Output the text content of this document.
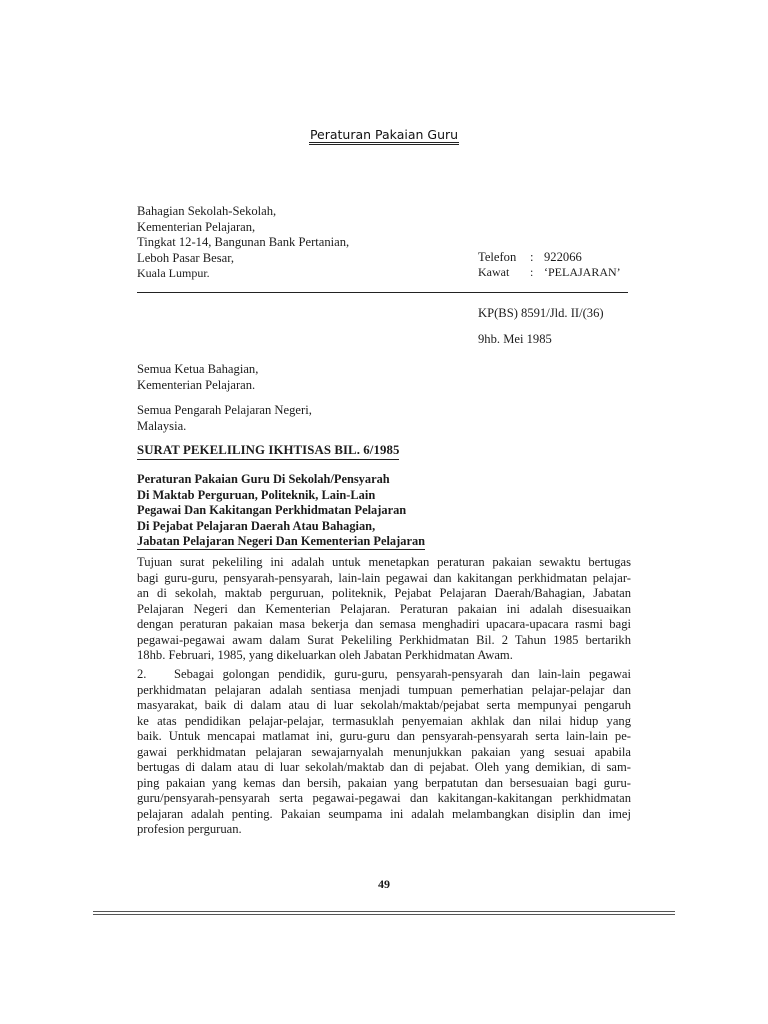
Peraturan Pakaian Guru
Bahagian Sekolah-Sekolah,
Kementerian Pelajaran,
Tingkat 12-14, Bangunan Bank Pertanian,
Leboh Pasar Besar,
Kuala Lumpur.
Telefon : 922066
Kawat : ‘PELAJARAN’
KP(BS) 8591/Jld. II/(36)
9hb. Mei 1985
Semua Ketua Bahagian,
Kementerian Pelajaran.
Semua Pengarah Pelajaran Negeri,
Malaysia.
SURAT PEKELILING IKHTISAS BIL. 6/1985
Peraturan Pakaian Guru Di Sekolah/Pensyarah
Di Maktab Perguruan, Politeknik, Lain-Lain
Pegawai Dan Kakitangan Perkhidmatan Pelajaran
Di Pejabat Pelajaran Daerah Atau Bahagian,
Jabatan Pelajaran Negeri Dan Kementerian Pelajaran
Tujuan surat pekeliling ini adalah untuk menetapkan peraturan pakaian sewaktu bertugas
bagi guru-guru, pensyarah-pensyarah, lain-lain pegawai dan kakitangan perkhidmatan pelajar-
an di sekolah, maktab perguruan, politeknik, Pejabat Pelajaran Daerah/Bahagian, Jabatan
Pelajaran Negeri dan Kementerian Pelajaran. Peraturan pakaian ini adalah disesuaikan
dengan peraturan pakaian masa bekerja dan semasa menghadiri upacara-upacara rasmi bagi
pegawai-pegawai awam dalam Surat Pekeliling Perkhidmatan Bil. 2 Tahun 1985 bertarikh
18hb. Februari, 1985, yang dikeluarkan oleh Jabatan Perkhidmatan Awam.
2.	Sebagai golongan pendidik, guru-guru, pensyarah-pensyarah dan lain-lain pegawai
perkhidmatan pelajaran adalah sentiasa menjadi tumpuan pemerhatian pelajar-pelajar dan
masyarakat, baik di dalam atau di luar sekolah/maktab/pejabat serta mempunyai pengaruh
ke atas pendidikan pelajar-pelajar, termasuklah penyemaian akhlak dan nilai hidup yang
baik. Untuk mencapai matlamat ini, guru-guru dan pensyarah-pensyarah serta lain-lain pe-
gawai perkhidmatan pelajaran sewajarnyalah menunjukkan pakaian yang sesuai apabila
bertugas di dalam atau di luar sekolah/maktab dan di pejabat. Oleh yang demikian, di sam-
ping pakaian yang kemas dan bersih, pakaian yang berpatutan dan bersesuaian bagi guru-
guru/pensyarah-pensyarah serta pegawai-pegawai dan kakitangan-kakitangan perkhidmatan
pelajaran adalah penting. Pakaian seumpama ini adalah melambangkan disiplin dan imej
profesion perguruan.
49
